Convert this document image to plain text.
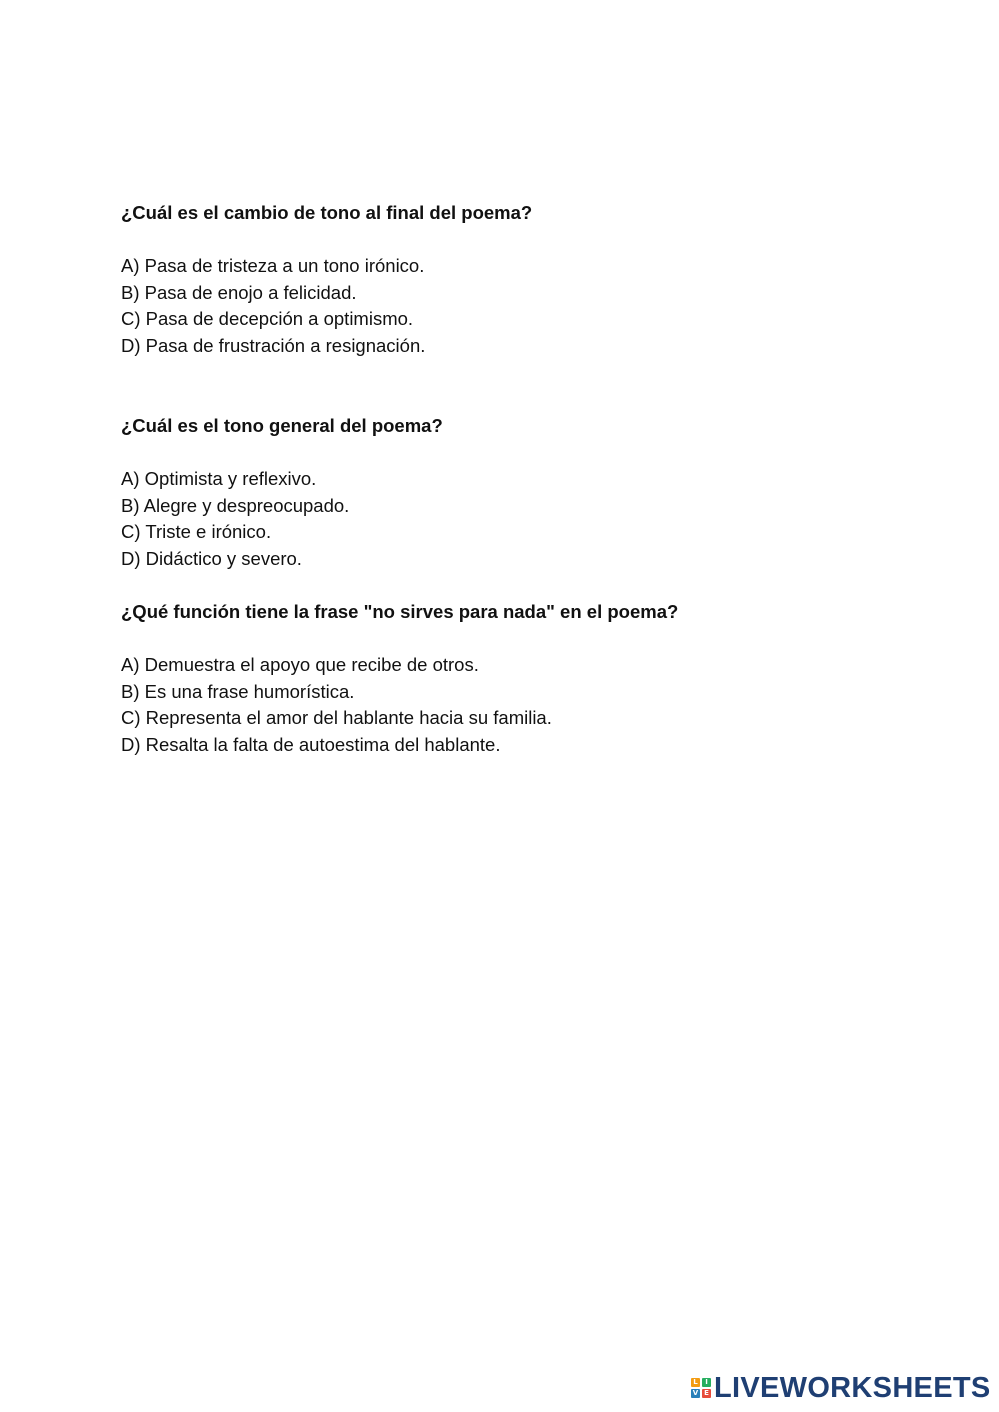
¿Cuál es el cambio de tono al final del poema?

A) Pasa de tristeza a un tono irónico.
B) Pasa de enojo a felicidad.
C) Pasa de decepción a optimismo.
D) Pasa de frustración a resignación.

¿Cuál es el tono general del poema?

A) Optimista y reflexivo.
B) Alegre y despreocupado.
C) Triste e irónico.
D) Didáctico y severo.

¿Qué función tiene la frase "no sirves para nada" en el poema?

A) Demuestra el apoyo que recibe de otros.
B) Es una frase humorística.
C) Representa el amor del hablante hacia su familia.
D) Resalta la falta de autoestima del hablante.
L	I
V E LIVEWORKSHEETS
